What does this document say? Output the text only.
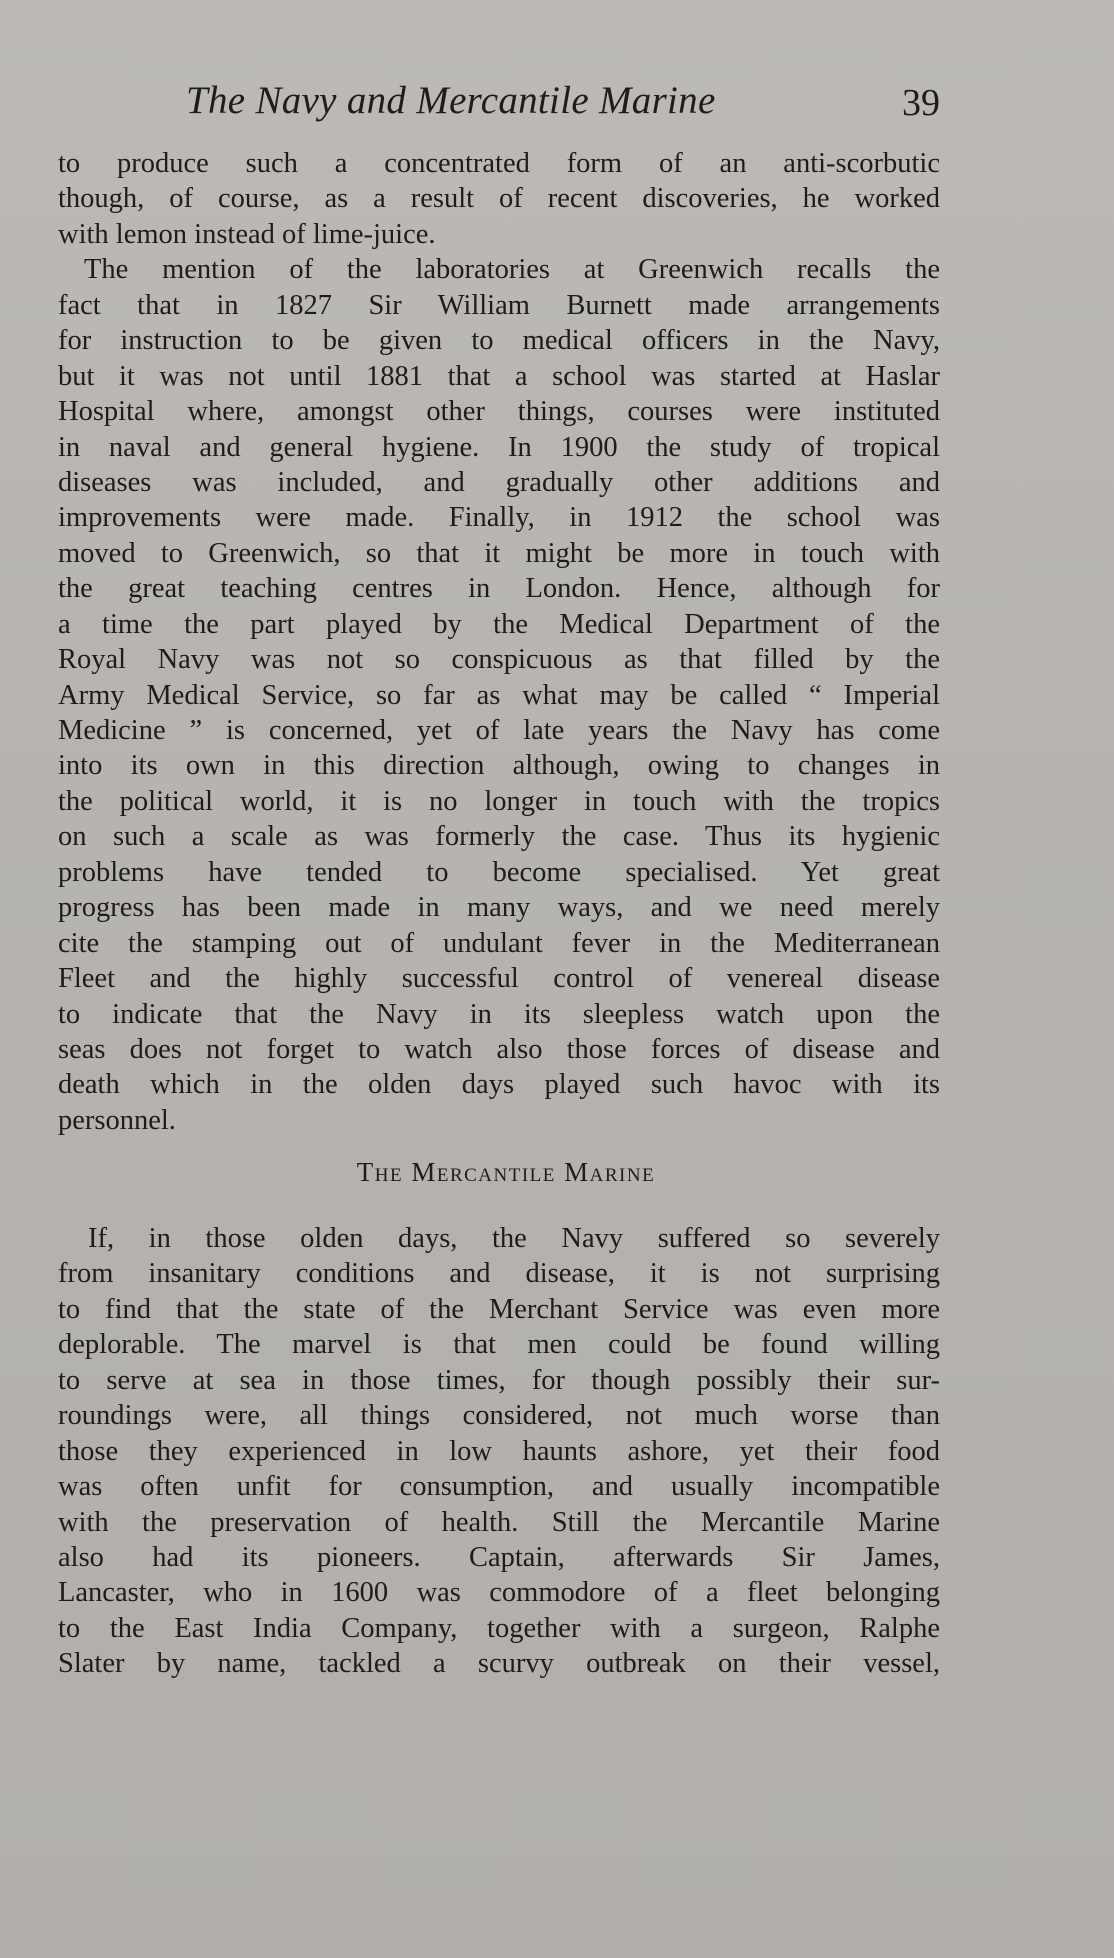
The Navy and Mercantile Marine	39
to produce such a concentrated form of an anti-scorbutic
though, of course, as a result of recent discoveries, he worked
with lemon instead of lime-juice.
The mention of the laboratories at Greenwich recalls the
fact that in 1827 Sir William Burnett made arrangements
for instruction to be given to medical officers in the Navy,
but it was not until 1881 that a school was started at Haslar
Hospital where, amongst other things, courses were instituted
in naval and general hygiene. In 1900 the study of tropical
diseases was included, and gradually other additions and
improvements were made. Finally, in 1912 the school was
moved to Greenwich, so that it might be more in touch with
the great teaching centres in London. Hence, although for
a time the part played by the Medical Department of the
Royal Navy was not so conspicuous as that filled by the
Army Medical Service, so far as what may be called “ Imperial
Medicine ” is concerned, yet of late years the Navy has come
into its own in this direction although, owing to changes in
the political world, it is no longer in touch with the tropics
on such a scale as was formerly the case. Thus its hygienic
problems have tended to become specialised. Yet great
progress has been made in many ways, and we need merely
cite the stamping out of undulant fever in the Mediterranean
Fleet and the highly successful control of venereal disease
to indicate that the Navy in its sleepless watch upon the
seas does not forget to watch also those forces of disease and
death which in the olden days played such havoc with its
personnel.
The Mercantile Marine
If, in those olden days, the Navy suffered so severely
from insanitary conditions and disease, it is not surprising
to find that the state of the Merchant Service was even more
deplorable. The marvel is that men could be found willing
to serve at sea in those times, for though possibly their sur-
roundings were, all things considered, not much worse than
those they experienced in low haunts ashore, yet their food
was often unfit for consumption, and usually incompatible
with the preservation of health. Still the Mercantile Marine
also had its pioneers. Captain, afterwards Sir James,
Lancaster, who in 1600 was commodore of a fleet belonging
to the East India Company, together with a surgeon, Ralphe
Slater by name, tackled a scurvy outbreak on their vessel,
